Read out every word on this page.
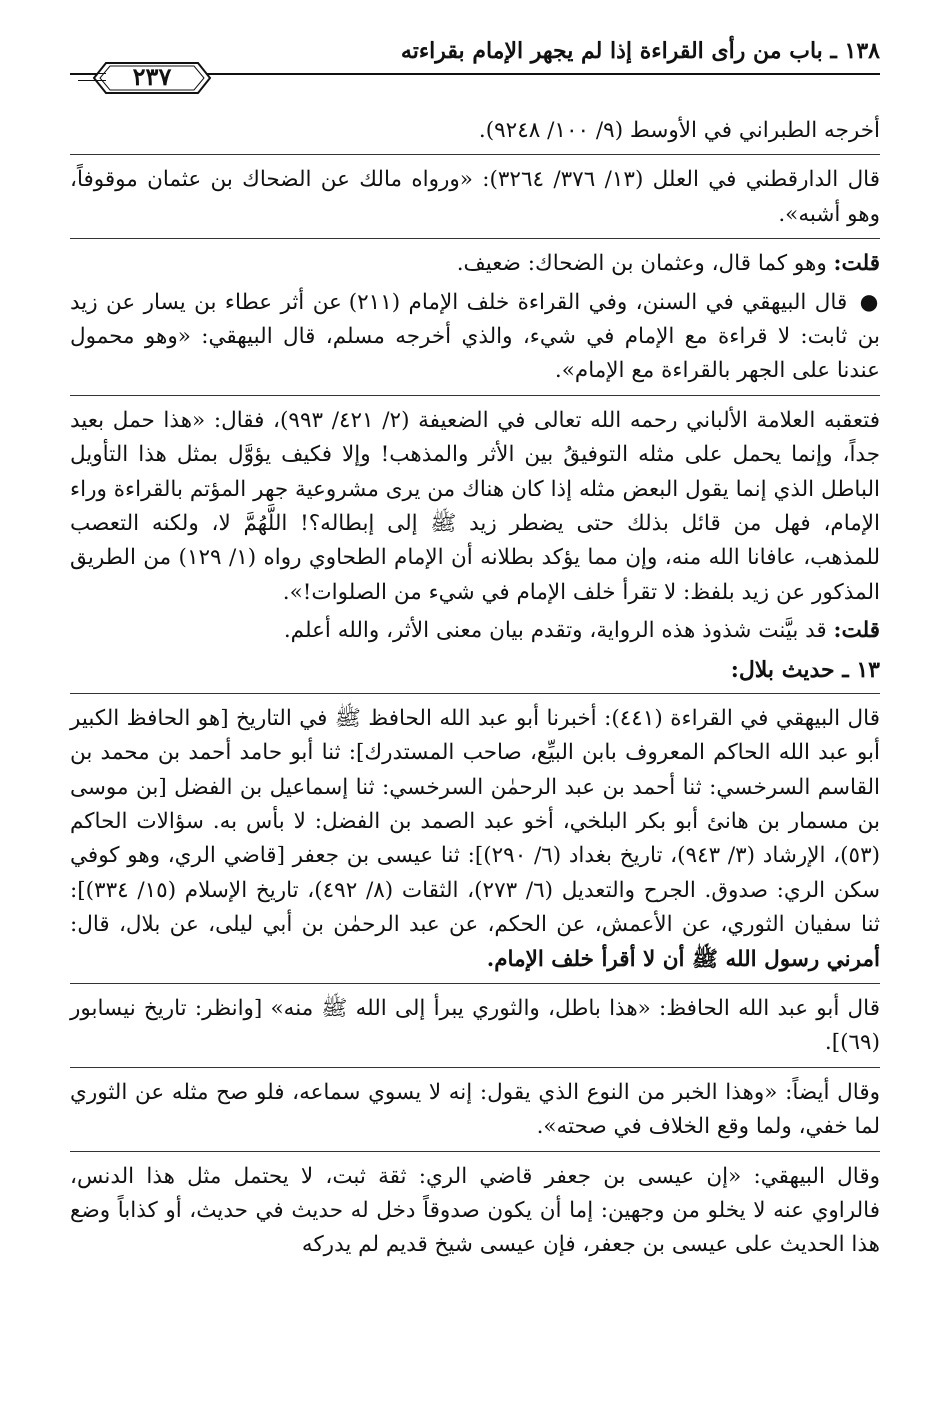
١٣٨ ـ باب من رأى القراءة إذا لم يجهر الإمام بقراءته
٢٣٧

أخرجه الطبراني في الأوسط (٩/ ١٠٠/ ٩٢٤٨).

قال الدارقطني في العلل (١٣/ ٣٧٦/ ٣٢٦٤): «ورواه مالك عن الضحاك بن عثمان موقوفاً، وهو أشبه».

قلت: وهو كما قال، وعثمان بن الضحاك: ضعيف.

● قال البيهقي في السنن، وفي القراءة خلف الإمام (٢١١) عن أثر عطاء بن يسار عن زيد بن ثابت: لا قراءة مع الإمام في شيء، والذي أخرجه مسلم، قال البيهقي: «وهو محمول عندنا على الجهر بالقراءة مع الإمام».

فتعقبه العلامة الألباني رحمه الله تعالى في الضعيفة (٢/ ٤٢١/ ٩٩٣)، فقال: «هذا حمل بعيد جداً، وإنما يحمل على مثله التوفيقُ بين الأثر والمذهب! وإلا فكيف يؤوَّل بمثل هذا التأويل الباطل الذي إنما يقول البعض مثله إذا كان هناك من يرى مشروعية جهر المؤتم بالقراءة وراء الإمام، فهل من قائل بذلك حتى يضطر زيد ﷺ إلى إبطاله؟! اللَّهُمَّ لا، ولكنه التعصب للمذهب، عافانا الله منه، وإن مما يؤكد بطلانه أن الإمام الطحاوي رواه (١/ ١٢٩) من الطريق المذكور عن زيد بلفظ: لا تقرأ خلف الإمام في شيء من الصلوات!».

قلت: قد بيَّنت شذوذ هذه الرواية، وتقدم بيان معنى الأثر، والله أعلم.

١٣ ـ حديث بلال:

قال البيهقي في القراءة (٤٤١): أخبرنا أبو عبد الله الحافظ ﷺ في التاريخ [هو الحافظ الكبير أبو عبد الله الحاكم المعروف بابن البيِّع، صاحب المستدرك]: ثنا أبو حامد أحمد بن محمد بن القاسم السرخسي: ثنا أحمد بن عبد الرحمٰن السرخسي: ثنا إسماعيل بن الفضل [بن موسى بن مسمار بن هانئ أبو بكر البلخي، أخو عبد الصمد بن الفضل: لا بأس به. سؤالات الحاكم (٥٣)، الإرشاد (٣/ ٩٤٣)، تاريخ بغداد (٦/ ٢٩٠)]: ثنا عيسى بن جعفر [قاضي الري، وهو كوفي سكن الري: صدوق. الجرح والتعديل (٦/ ٢٧٣)، الثقات (٨/ ٤٩٢)، تاريخ الإسلام (١٥/ ٣٣٤)]: ثنا سفيان الثوري، عن الأعمش، عن الحكم، عن عبد الرحمٰن بن أبي ليلى، عن بلال، قال: أمرني رسول الله ﷺ أن لا أقرأ خلف الإمام.

قال أبو عبد الله الحافظ: «هذا باطل، والثوري يبرأ إلى الله ﷺ منه» [وانظر: تاريخ نيسابور (٦٩)].

وقال أيضاً: «وهذا الخبر من النوع الذي يقول: إنه لا يسوي سماعه، فلو صح مثله عن الثوري لما خفي، ولما وقع الخلاف في صحته».

وقال البيهقي: «إن عيسى بن جعفر قاضي الري: ثقة ثبت، لا يحتمل مثل هذا الدنس، فالراوي عنه لا يخلو من وجهين: إما أن يكون صدوقاً دخل له حديث في حديث، أو كذاباً وضع هذا الحديث على عيسى بن جعفر، فإن عيسى شيخ قديم لم يدركه
